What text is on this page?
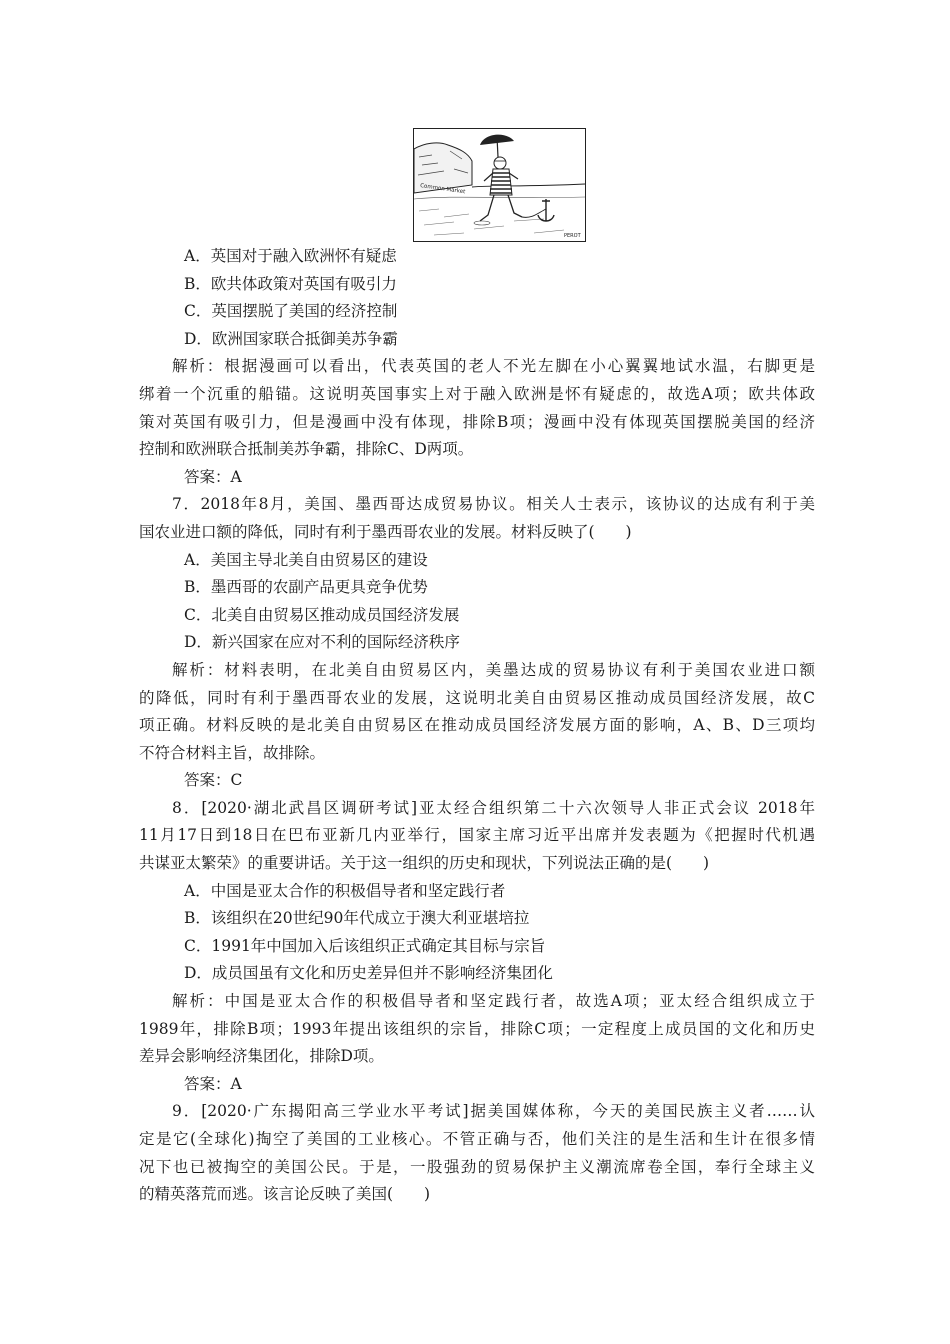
Common Market
PEROT
A．英国对于融入欧洲怀有疑虑
B．欧共体政策对英国有吸引力
C．英国摆脱了美国的经济控制
D．欧洲国家联合抵御美苏争霸
解析：根据漫画可以看出，代表英国的老人不光左脚在小心翼翼地试水温，右脚更是
绑着一个沉重的船锚。这说明英国事实上对于融入欧洲是怀有疑虑的，故选A项；欧共体政
策对英国有吸引力，但是漫画中没有体现，排除B项；漫画中没有体现英国摆脱美国的经济
控制和欧洲联合抵制美苏争霸，排除C、D两项。
答案：A
7．2018年8月，美国、墨西哥达成贸易协议。相关人士表示，该协议的达成有利于美
国农业进口额的降低，同时有利于墨西哥农业的发展。材料反映了(　　)
A．美国主导北美自由贸易区的建设
B．墨西哥的农副产品更具竞争优势
C．北美自由贸易区推动成员国经济发展
D．新兴国家在应对不利的国际经济秩序
解析：材料表明，在北美自由贸易区内，美墨达成的贸易协议有利于美国农业进口额
的降低，同时有利于墨西哥农业的发展，这说明北美自由贸易区推动成员国经济发展，故C
项正确。材料反映的是北美自由贸易区在推动成员国经济发展方面的影响，A、B、D三项均
不符合材料主旨，故排除。
答案：C
8．[2020·湖北武昌区调研考试]亚太经合组织第二十六次领导人非正式会议 2018年
11月17日到18日在巴布亚新几内亚举行，国家主席习近平出席并发表题为《把握时代机遇
共谋亚太繁荣》的重要讲话。关于这一组织的历史和现状，下列说法正确的是(　　)
A．中国是亚太合作的积极倡导者和坚定践行者
B．该组织在20世纪90年代成立于澳大利亚堪培拉
C．1991年中国加入后该组织正式确定其目标与宗旨
D．成员国虽有文化和历史差异但并不影响经济集团化
解析：中国是亚太合作的积极倡导者和坚定践行者，故选A项；亚太经合组织成立于
1989年，排除B项；1993年提出该组织的宗旨，排除C项；一定程度上成员国的文化和历史
差异会影响经济集团化，排除D项。
答案：A
9．[2020·广东揭阳高三学业水平考试]据美国媒体称，今天的美国民族主义者……认
定是它(全球化)掏空了美国的工业核心。不管正确与否，他们关注的是生活和生计在很多情
况下也已被掏空的美国公民。于是，一股强劲的贸易保护主义潮流席卷全国，奉行全球主义
的精英落荒而逃。该言论反映了美国(　　)
